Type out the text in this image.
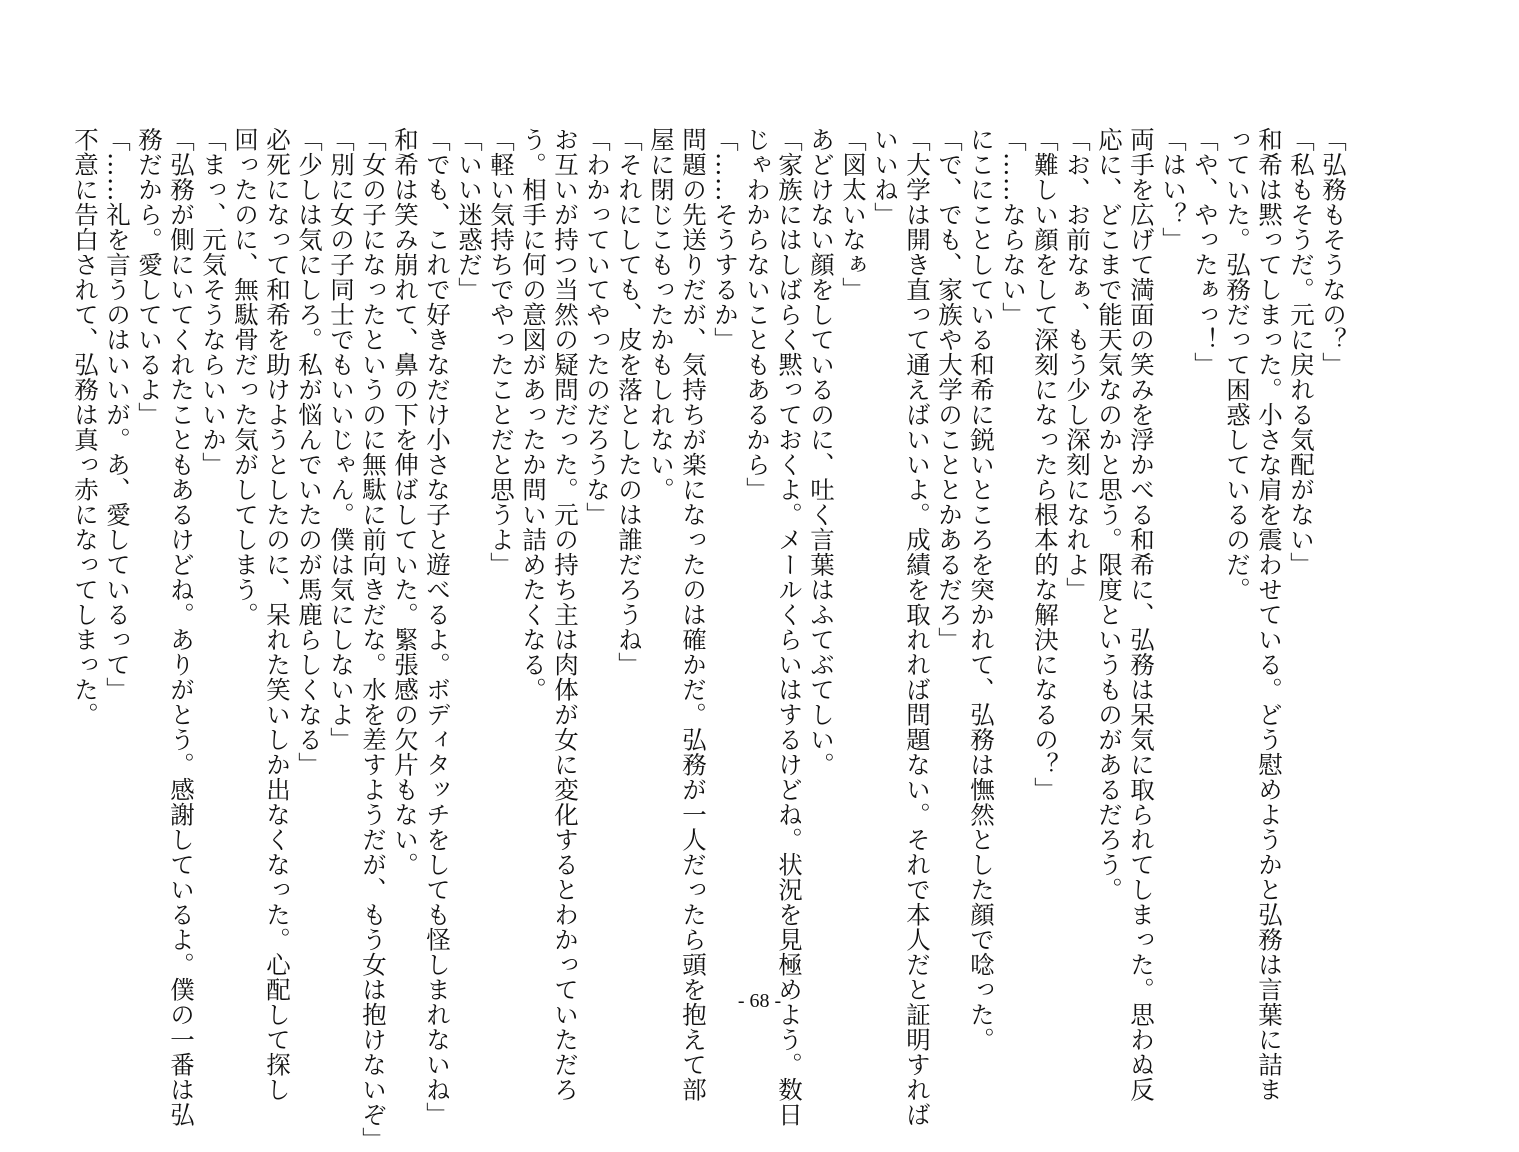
「弘務もそうなの？」
「私もそうだ。元に戻れる気配がない」
和希は黙ってしまった。小さな肩を震わせている。どう慰めようかと弘務は言葉に詰ま
っていた。弘務だって困惑しているのだ。
「や、やったぁっ！」
「はい？」
両手を広げて満面の笑みを浮かべる和希に、弘務は呆気に取られてしまった。思わぬ反
応に、どこまで能天気なのかと思う。限度というものがあるだろう。
「お、お前なぁ、もう少し深刻になれよ」
「難しい顔をして深刻になったら根本的な解決になるの？」
「……ならない」
にこにことしている和希に鋭いところを突かれて、弘務は憮然とした顔で唸った。
「で、でも、家族や大学のこととかあるだろ」
「大学は開き直って通えばいいよ。成績を取れれば問題ない。それで本人だと証明すれば
いいね」
「図太いなぁ」
あどけない顔をしているのに、吐く言葉はふてぶてしい。
「家族にはしばらく黙っておくよ。メールくらいはするけどね。状況を見極めよう。数日
じゃわからないこともあるから」
「……そうするか」
問題の先送りだが、気持ちが楽になったのは確かだ。弘務が一人だったら頭を抱えて部
屋に閉じこもったかもしれない。
「それにしても、皮を落としたのは誰だろうね」
「わかっていてやったのだろうな」
お互いが持つ当然の疑問だった。元の持ち主は肉体が女に変化するとわかっていただろ
う。相手に何の意図があったか問い詰めたくなる。
「軽い気持ちでやったことだと思うよ」
「いい迷惑だ」
「でも、これで好きなだけ小さな子と遊べるよ。ボディタッチをしても怪しまれないね」
和希は笑み崩れて、鼻の下を伸ばしていた。緊張感の欠片もない。
「女の子になったというのに無駄に前向きだな。水を差すようだが、もう女は抱けないぞ」
「別に女の子同士でもいいじゃん。僕は気にしないよ」
「少しは気にしろ。私が悩んでいたのが馬鹿らしくなる」
必死になって和希を助けようとしたのに、呆れた笑いしか出なくなった。心配して探し
回ったのに、無駄骨だった気がしてしまう。
「まっ、元気そうならいいか」
「弘務が側にいてくれたこともあるけどね。ありがとう。感謝しているよ。僕の一番は弘
務だから。愛しているよ」
「……礼を言うのはいいが。あ、愛しているって」
不意に告白されて、弘務は真っ赤になってしまった。
- 68 -
